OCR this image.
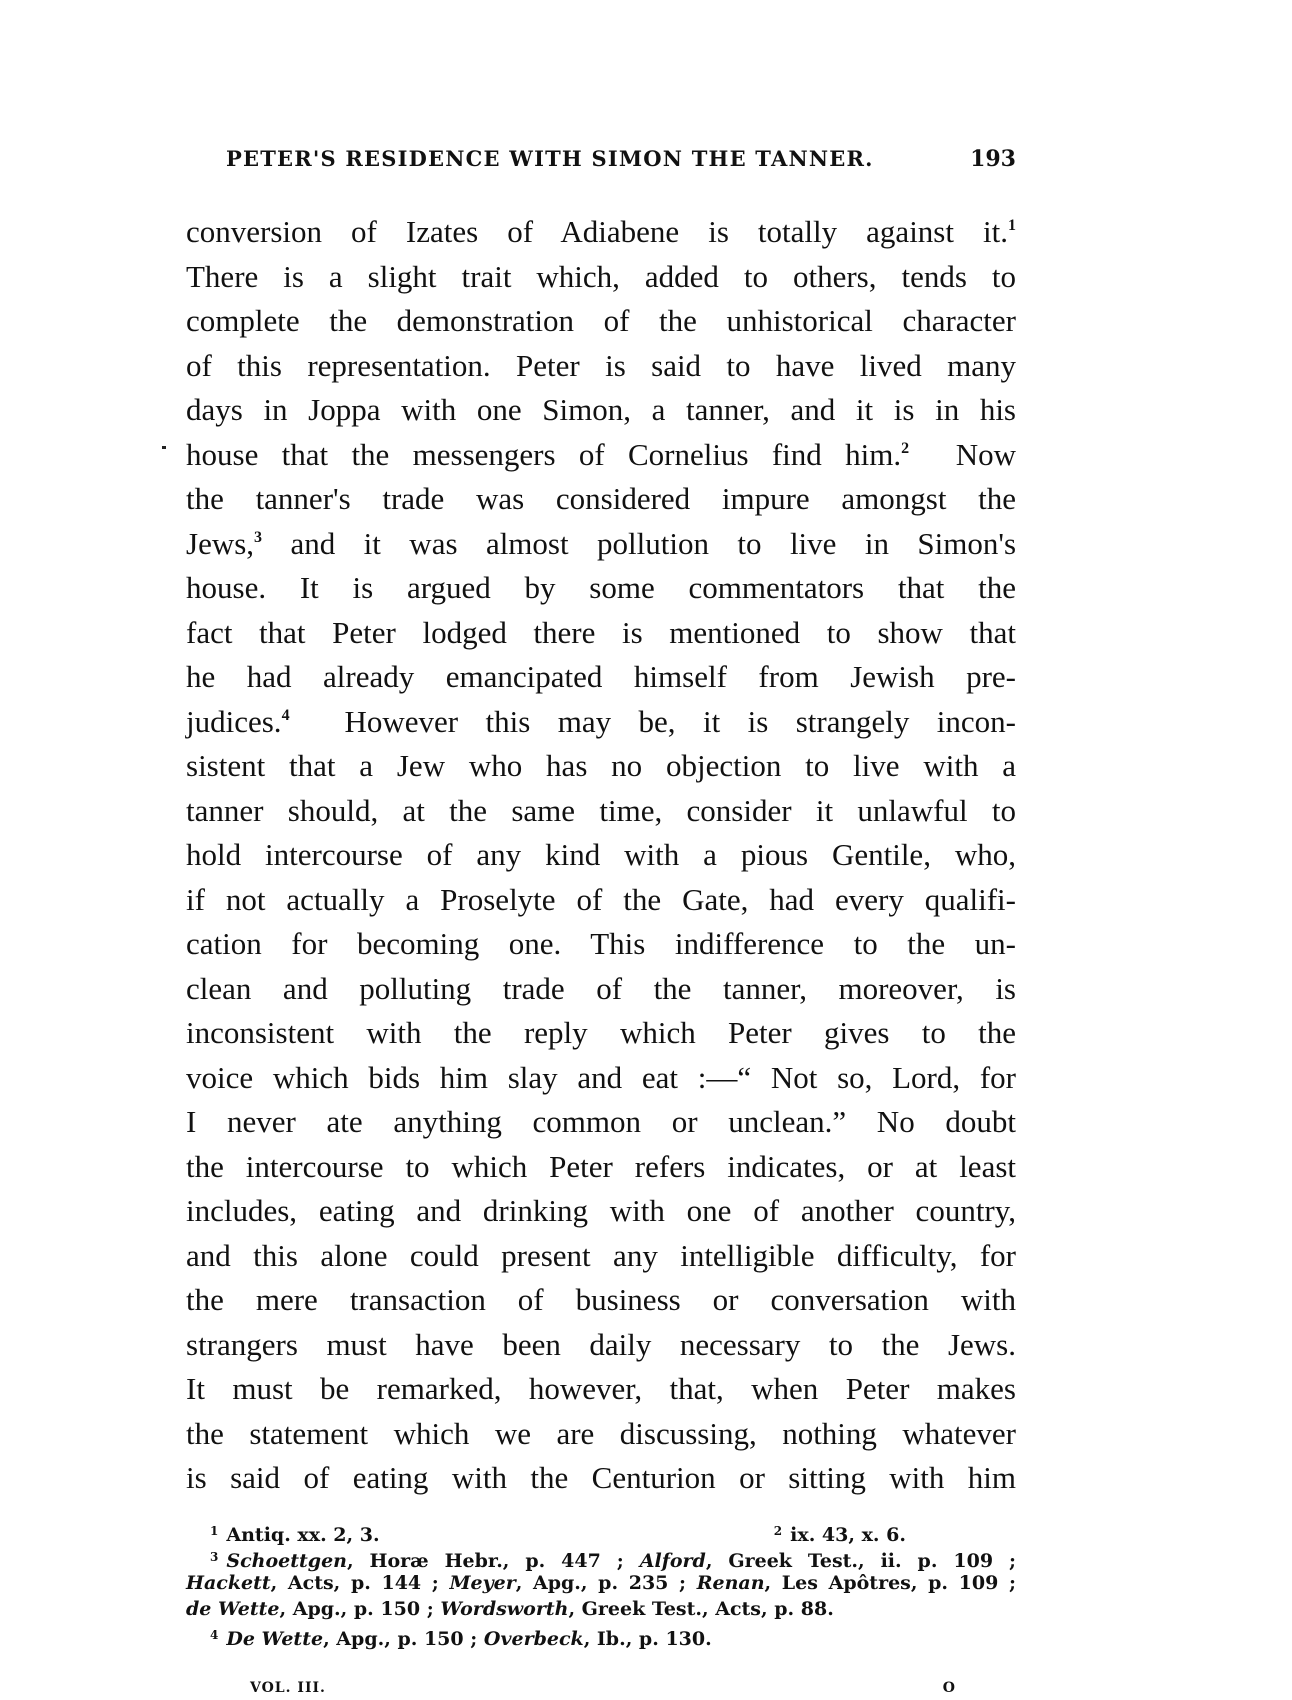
PETER'S RESIDENCE WITH SIMON THE TANNER.	193
conversion of Izates of Adiabene is totally against it.$^1$
There is a slight trait which, added to others, tends to
complete the demonstration of the unhistorical character
of this representation. Peter is said to have lived many
days in Joppa with one Simon, a tanner, and it is in his
house that the messengers of Cornelius find him.$^2$ Now
the tanner's trade was considered impure amongst the
Jews,$^3$ and it was almost pollution to live in Simon's
house. It is argued by some commentators that the
fact that Peter lodged there is mentioned to show that
he had already emancipated himself from Jewish pre-
judices.$^4$ However this may be, it is strangely incon-
sistent that a Jew who has no objection to live with a
tanner should, at the same time, consider it unlawful to
hold intercourse of any kind with a pious Gentile, who,
if not actually a Proselyte of the Gate, had every qualifi-
cation for becoming one. This indifference to the un-
clean and polluting trade of the tanner, moreover, is
inconsistent with the reply which Peter gives to the
voice which bids him slay and eat :—“ Not so, Lord, for
I never ate anything common or unclean.” No doubt
the intercourse to which Peter refers indicates, or at least
includes, eating and drinking with one of another country,
and this alone could present any intelligible difficulty, for
the mere transaction of business or conversation with
strangers must have been daily necessary to the Jews.
It must be remarked, however, that, when Peter makes
the statement which we are discussing, nothing whatever
is said of eating with the Centurion or sitting with him
$^1$ Antiq. xx. 2, 3.	$^2$ ix. 43, x. 6.
$^3$ Schoettgen, Horæ Hebr., p. 447 ; Alford, Greek Test., ii. p. 109 ;
Hackett, Acts, p. 144 ; Meyer, Apg., p. 235 ; Renan, Les Apôtres, p. 109 ;
de Wette, Apg., p. 150 ; Wordsworth, Greek Test., Acts, p. 88.
$^4$ De Wette, Apg., p. 150 ; Overbeck, Ib., p. 130.
VOL. III.	O
